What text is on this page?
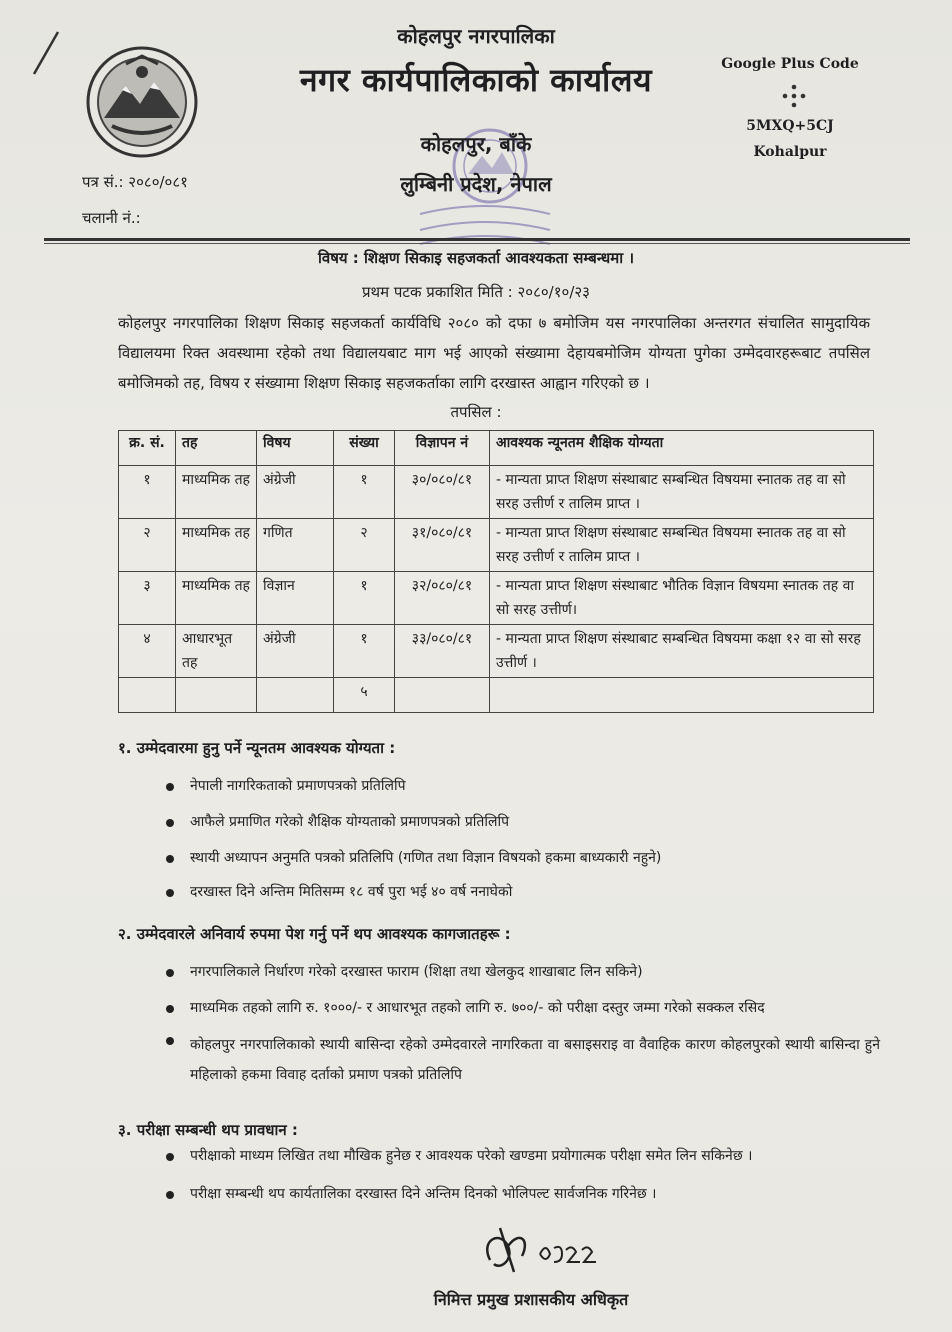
कोहलपुर नगरपालिका
नगर कार्यपालिकाको कार्यालय
कोहलपुर, बाँके
लुम्बिनी प्रदेश, नेपाल
Google Plus Code
5MXQ+5CJ
Kohalpur
पत्र सं.: २०८०/०८१
चलानी नं.:
विषय : शिक्षण सिकाइ सहजकर्ता आवश्यकता सम्बन्धमा ।
प्रथम पटक प्रकाशित मिति : २०८०/१०/२३
कोहलपुर नगरपालिका शिक्षण सिकाइ सहजकर्ता कार्यविधि २०८० को दफा ७ बमोजिम यस नगरपालिका अन्तरगत संचालित सामुदायिक विद्यालयमा रिक्त अवस्थामा रहेको तथा विद्यालयबाट माग भई आएको संख्यामा देहायबमोजिम योग्यता पुगेका उम्मेदवारहरूबाट तपसिल बमोजिमको तह, विषय र संख्यामा शिक्षण सिकाइ सहजकर्ताका लागि दरखास्त आह्वान गरिएको छ ।
तपसिल :
क्र. सं.	तह	विषय	संख्या	विज्ञापन नं	आवश्यक न्यूनतम शैक्षिक योग्यता
१	माध्यमिक तह	अंग्रेजी	१	३०/०८०/८१	- मान्यता प्राप्त शिक्षण संस्थाबाट सम्बन्धित विषयमा स्नातक तह वा सो सरह उत्तीर्ण र तालिम प्राप्त ।
२	माध्यमिक तह	गणित	२	३१/०८०/८१	- मान्यता प्राप्त शिक्षण संस्थाबाट सम्बन्धित विषयमा स्नातक तह वा सो सरह उत्तीर्ण र तालिम प्राप्त ।
३	माध्यमिक तह	विज्ञान	१	३२/०८०/८१	- मान्यता प्राप्त शिक्षण संस्थाबाट भौतिक विज्ञान विषयमा स्नातक तह वा सो सरह उत्तीर्ण।
४	आधारभूत तह	अंग्रेजी	१	३३/०८०/८१	- मान्यता प्राप्त शिक्षण संस्थाबाट सम्बन्धित विषयमा कक्षा १२ वा सो सरह उत्तीर्ण ।
			५		
१. उम्मेदवारमा हुनु पर्ने न्यूनतम आवश्यक योग्यता :
नेपाली नागरिकताको प्रमाणपत्रको प्रतिलिपि
आफैले प्रमाणित गरेको शैक्षिक योग्यताको प्रमाणपत्रको प्रतिलिपि
स्थायी अध्यापन अनुमति पत्रको प्रतिलिपि (गणित तथा विज्ञान विषयको हकमा बाध्यकारी नहुने)
दरखास्त दिने अन्तिम मितिसम्म १८ वर्ष पुरा भई ४० वर्ष ननाघेको
२. उम्मेदवारले अनिवार्य रुपमा पेश गर्नु पर्ने थप आवश्यक कागजातहरू :
नगरपालिकाले निर्धारण गरेको दरखास्त फाराम (शिक्षा तथा खेलकुद शाखाबाट लिन सकिने)
माध्यमिक तहको लागि रु. १०००/- र आधारभूत तहको लागि रु. ७००/- को परीक्षा दस्तुर जम्मा गरेको सक्कल रसिद
कोहलपुर नगरपालिकाको स्थायी बासिन्दा रहेको उम्मेदवारले नागरिकता वा बसाइसराइ वा वैवाहिक कारण कोहलपुरको स्थायी बासिन्दा हुने महिलाको हकमा विवाह दर्ताको प्रमाण पत्रको प्रतिलिपि
३. परीक्षा सम्बन्धी थप प्रावधान :
परीक्षाको माध्यम लिखित तथा मौखिक हुनेछ र आवश्यक परेको खण्डमा प्रयोगात्मक परीक्षा समेत लिन सकिनेछ ।
परीक्षा सम्बन्धी थप कार्यतालिका दरखास्त दिने अन्तिम दिनको भोलिपल्ट सार्वजनिक गरिनेछ ।
निमित्त प्रमुख प्रशासकीय अधिकृत
